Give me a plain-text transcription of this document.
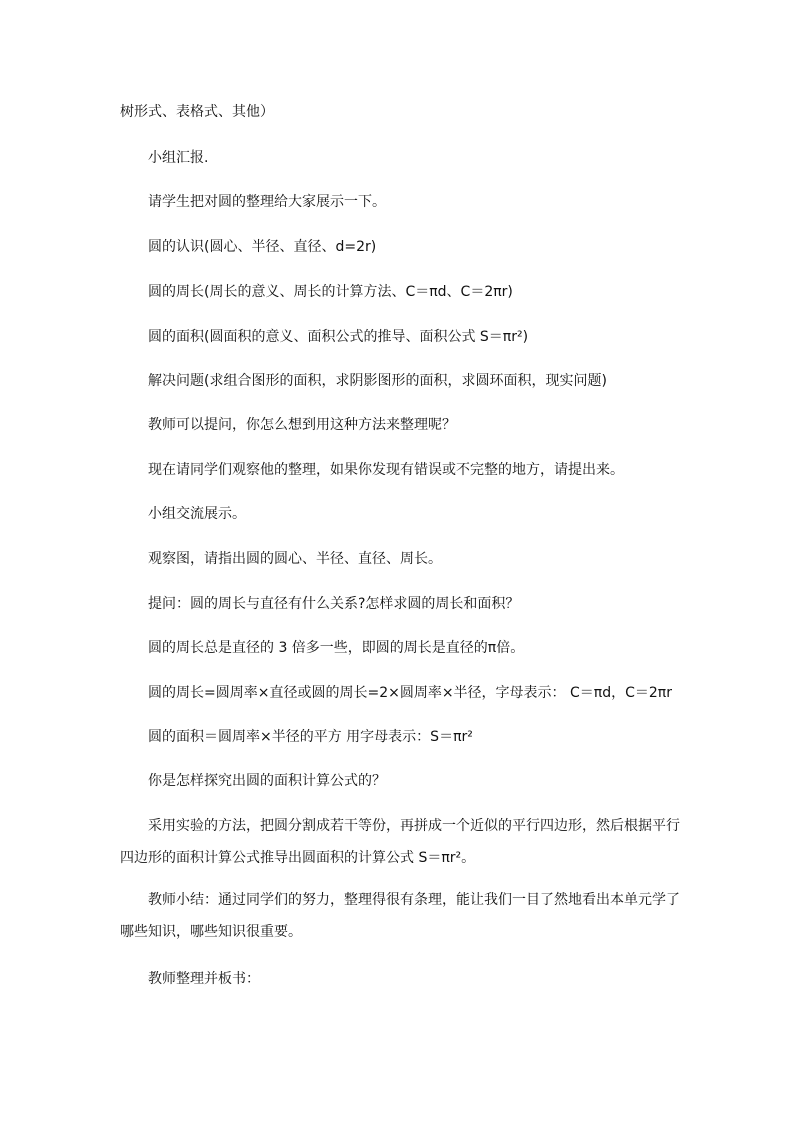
树形式、表格式、其他）
小组汇报.
请学生把对圆的整理给大家展示一下。
圆的认识(圆心、半径、直径、d=2r)
圆的周长(周长的意义、周长的计算方法、C＝πd、C＝2πr)
圆的面积(圆面积的意义、面积公式的推导、面积公式 S＝πr²)
解决问题(求组合图形的面积，求阴影图形的面积，求圆环面积，现实问题)
教师可以提问，你怎么想到用这种方法来整理呢？
现在请同学们观察他的整理，如果你发现有错误或不完整的地方，请提出来。
小组交流展示。
观察图，请指出圆的圆心、半径、直径、周长。
提问：圆的周长与直径有什么关系?怎样求圆的周长和面积？
圆的周长总是直径的 3 倍多一些，即圆的周长是直径的π倍。
圆的周长=圆周率×直径或圆的周长=2×圆周率×半径，字母表示： C＝πd，C＝2πr
圆的面积＝圆周率×半径的平方 用字母表示：S＝πr²
你是怎样探究出圆的面积计算公式的？
采用实验的方法，把圆分割成若干等份，再拼成一个近似的平行四边形，然后根据平行四边形的面积计算公式推导出圆面积的计算公式 S＝πr²。
教师小结：通过同学们的努力，整理得很有条理，能让我们一目了然地看出本单元学了哪些知识，哪些知识很重要。
教师整理并板书：
